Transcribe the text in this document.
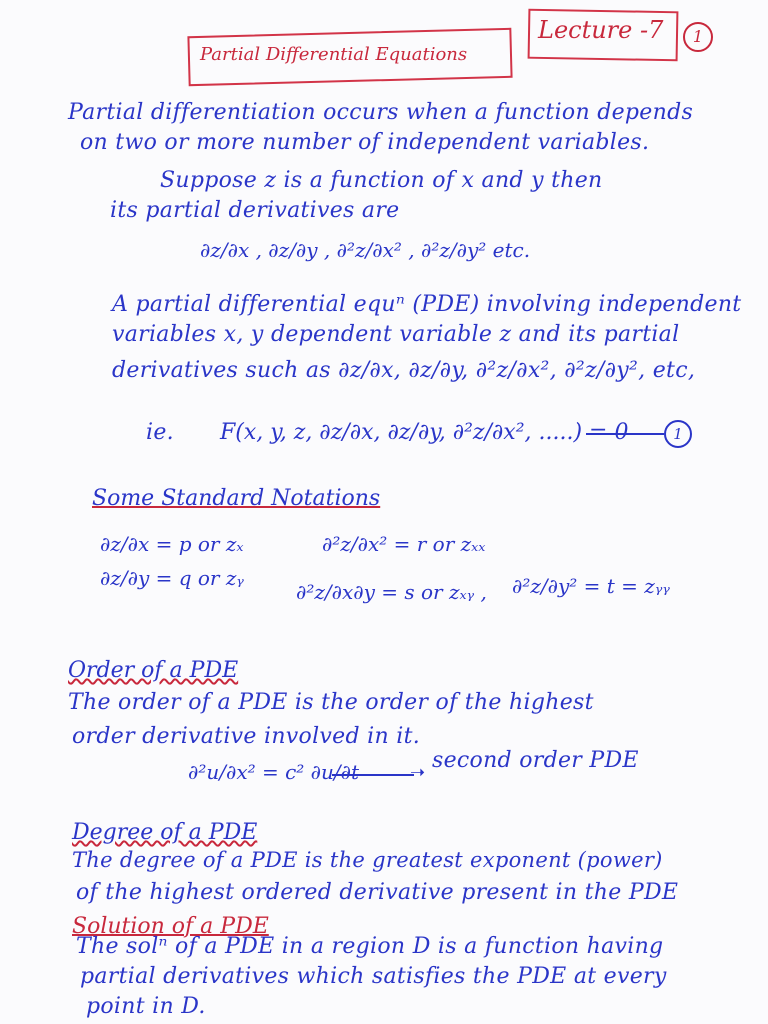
Partial Differential Equations
Lecture -7	1
Partial differentiation occurs when a function depends
on two or more number of independent variables.
Suppose z is a function of x and y then
its partial derivatives are
∂z/∂x , ∂z/∂y , ∂²z/∂x² , ∂²z/∂y² etc.
A partial differential equⁿ (PDE) involving independent
variables x, y dependent variable z and its partial
derivatives such as ∂z/∂x, ∂z/∂y, ∂²z/∂x², ∂²z/∂y², etc,
ie. F(x, y, z, ∂z/∂x, ∂z/∂y, ∂²z/∂x², .....) = 0	1
Some Standard Notations
∂z/∂x = p or zₓ
∂z/∂y = q or zᵧ
∂²z/∂x² = r or zₓₓ
∂²z/∂x∂y = s or zₓᵧ , ∂²z/∂y² = t = zᵧᵧ
Order of a PDE
The order of a PDE is the order of the highest
order derivative involved in it.
∂²u/∂x² = c² ∂u/∂t	➝ second order PDE
Degree of a PDE
The degree of a PDE is the greatest exponent (power)
of the highest ordered derivative present in the PDE
Solution of a PDE
The solⁿ of a PDE in a region D is a function having
partial derivatives which satisfies the PDE at every
point in D.
